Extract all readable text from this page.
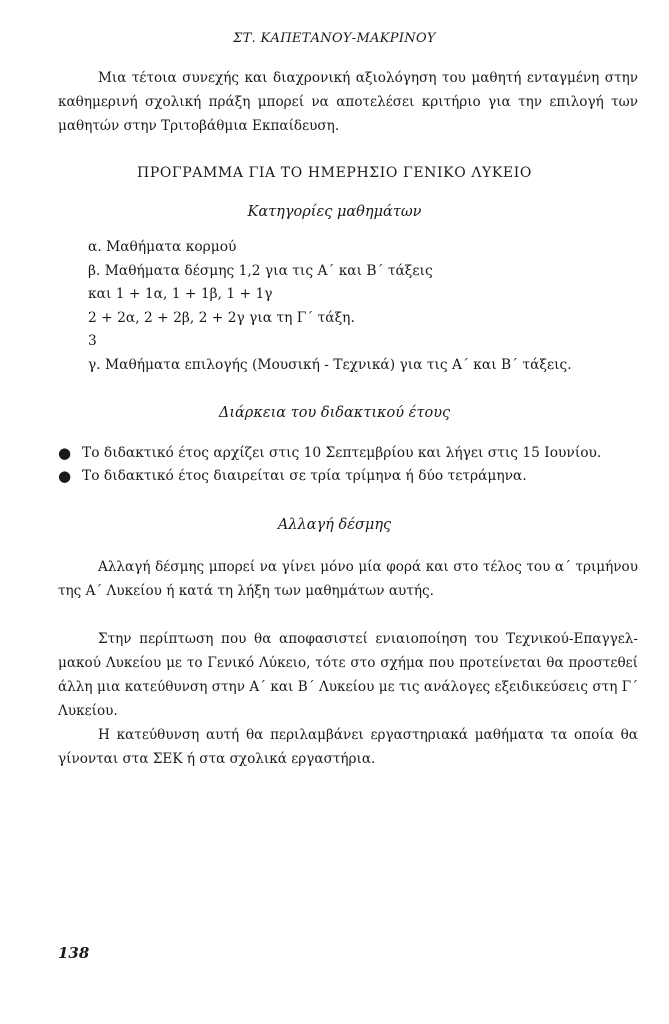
ΣΤ. ΚΑΠΕΤΑΝΟΥ-ΜΑΚΡΙΝΟΥ
Μια τέτοια συνεχής και διαχρονική αξιολόγηση του μαθητή ενταγμένη στην καθημερινή σχολική πράξη μπορεί να αποτελέσει κριτήριο για την επιλογή των μαθητών στην Τριτοβάθμια Εκπαίδευση.
ΠΡΟΓΡΑΜΜΑ ΓΙΑ ΤΟ ΗΜΕΡΗΣΙΟ ΓΕΝΙΚΟ ΛΥΚΕΙΟ
Κατηγορίες μαθημάτων
α. Μαθήματα κορμού
β. Μαθήματα δέσμης 1,2 για τις Α΄ και Β΄ τάξεις
και 1 + 1α, 1 + 1β, 1 + 1γ
2 + 2α, 2 + 2β, 2 + 2γ για τη Γ΄ τάξη.
3
γ. Μαθήματα επιλογής (Μουσική - Τεχνικά) για τις Α΄ και Β΄ τάξεις.
Διάρκεια του διδακτικού έτους
● Το διδακτικό έτος αρχίζει στις 10 Σεπτεμβρίου και λήγει στις 15 Ιουνίου.
● Το διδακτικό έτος διαιρείται σε τρία τρίμηνα ή δύο τετράμηνα.
Αλλαγή δέσμης
Αλλαγή δέσμης μπορεί να γίνει μόνο μία φορά και στο τέλος του α΄ τριμήνου της Α΄ Λυκείου ή κατά τη λήξη των μαθημάτων αυτής.
Στην περίπτωση που θα αποφασιστεί ενιαιοποίηση του Τεχνικού-Επαγγελ-μακού Λυκείου με το Γενικό Λύκειο, τότε στο σχήμα που προτείνεται θα προστεθεί άλλη μια κατεύθυνση στην Α΄ και Β΄ Λυκείου με τις ανάλογες εξειδικεύσεις στη Γ΄ Λυκείου.
Η κατεύθυνση αυτή θα περιλαμβάνει εργαστηριακά μαθήματα τα οποία θα γίνονται στα ΣΕΚ ή στα σχολικά εργαστήρια.
138
